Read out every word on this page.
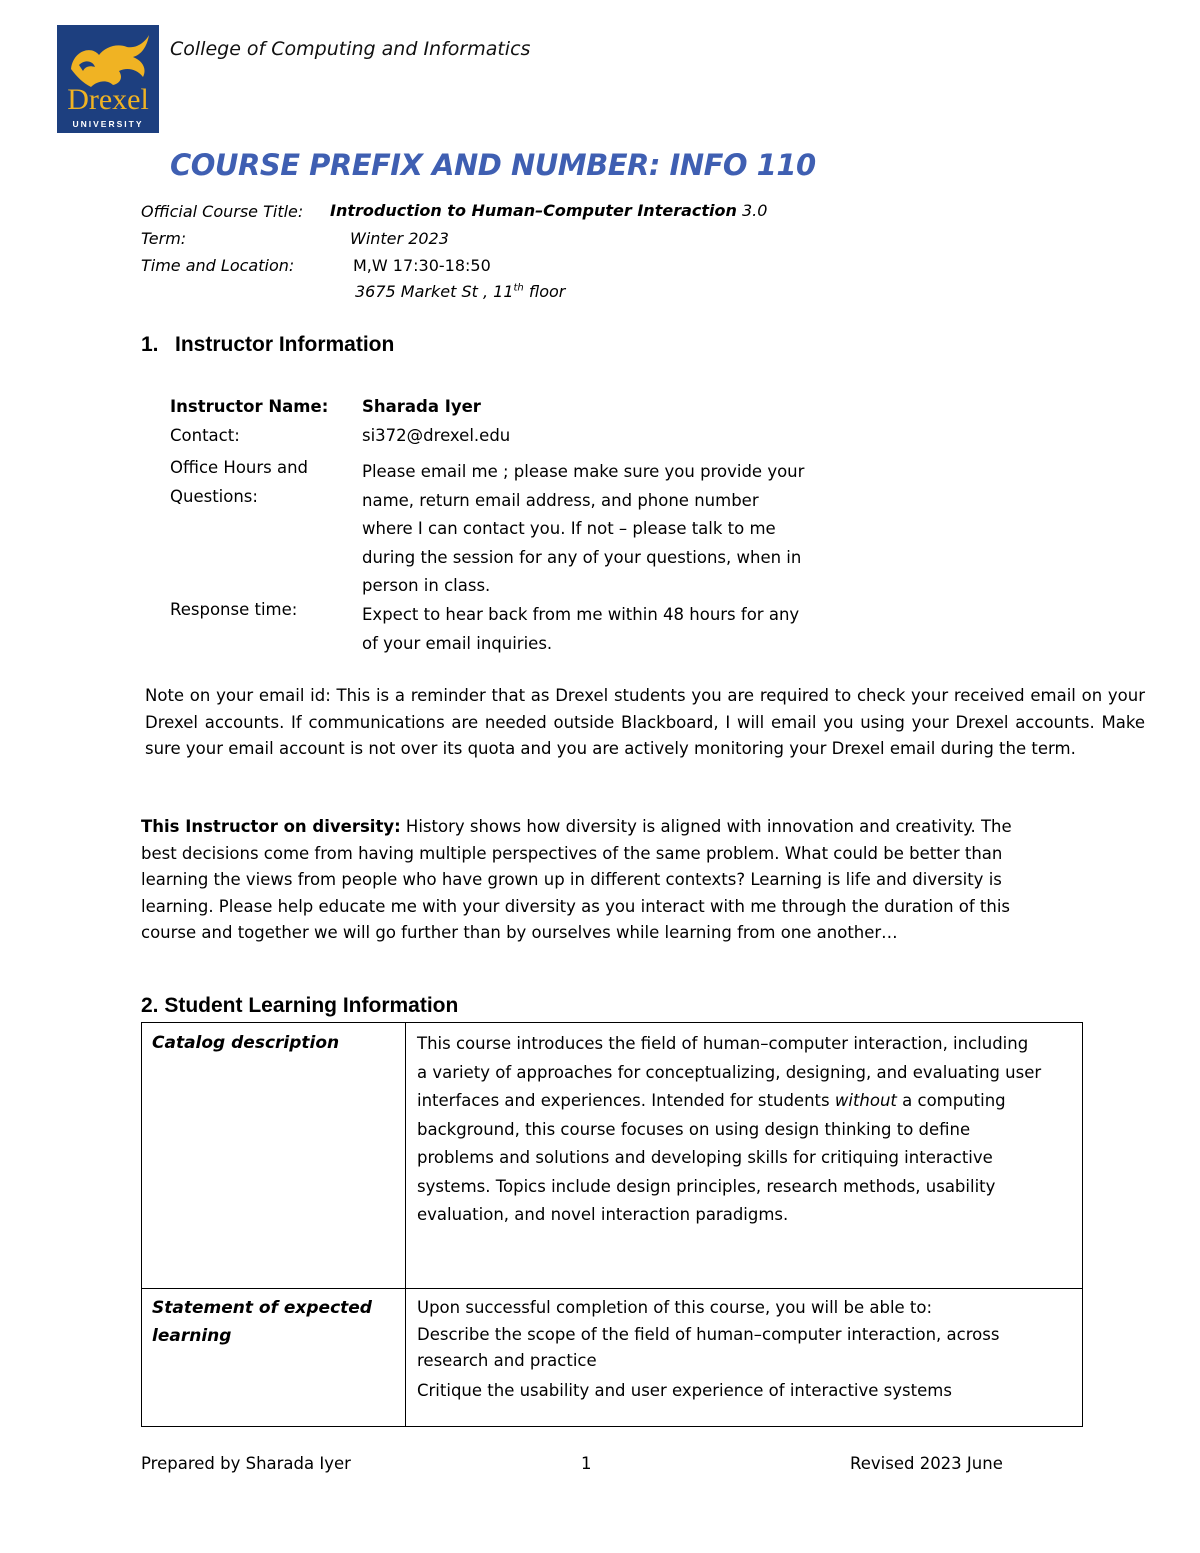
Drexel
UNIVERSITY
College of Computing and Informatics
COURSE PREFIX AND NUMBER: INFO 110
Official Course Title: Introduction to Human–Computer Interaction 3.0
Term:	Winter 2023
Time and Location:	M,W 17:30-18:50
3675 Market St , 11th floor
1. Instructor Information
Instructor Name: Sharada Iyer
Contact:	si372@drexel.edu
Office Hours and
Questions:
Please email me ; please make sure you provide your
name, return email address, and phone number
where I can contact you. If not – please talk to me
during the session for any of your questions, when in
person in class.
Response time:	Expect to hear back from me within 48 hours for any
of your email inquiries.
Note on your email id: This is a reminder that as Drexel students you are required to check your received email on your Drexel accounts. If communications are needed outside Blackboard, I will email you using your Drexel accounts. Make sure your email account is not over its quota and you are actively monitoring your Drexel email during the term.
This Instructor on diversity: History shows how diversity is aligned with innovation and creativity. The
best decisions come from having multiple perspectives of the same problem. What could be better than
learning the views from people who have grown up in different contexts? Learning is life and diversity is
learning. Please help educate me with your diversity as you interact with me through the duration of this
course and together we will go further than by ourselves while learning from one another…
2. Student Learning Information
Catalog description	This course introduces the field of human–computer interaction, including
a variety of approaches for conceptualizing, designing, and evaluating user
interfaces and experiences. Intended for students without a computing
background, this course focuses on using design thinking to define
problems and solutions and developing skills for critiquing interactive
systems. Topics include design principles, research methods, usability
evaluation, and novel interaction paradigms.
Statement of expected
learning
Upon successful completion of this course, you will be able to:
Describe the scope of the field of human–computer interaction, across
research and practice
Critique the usability and user experience of interactive systems
Prepared by Sharada Iyer	1	Revised 2023 June
